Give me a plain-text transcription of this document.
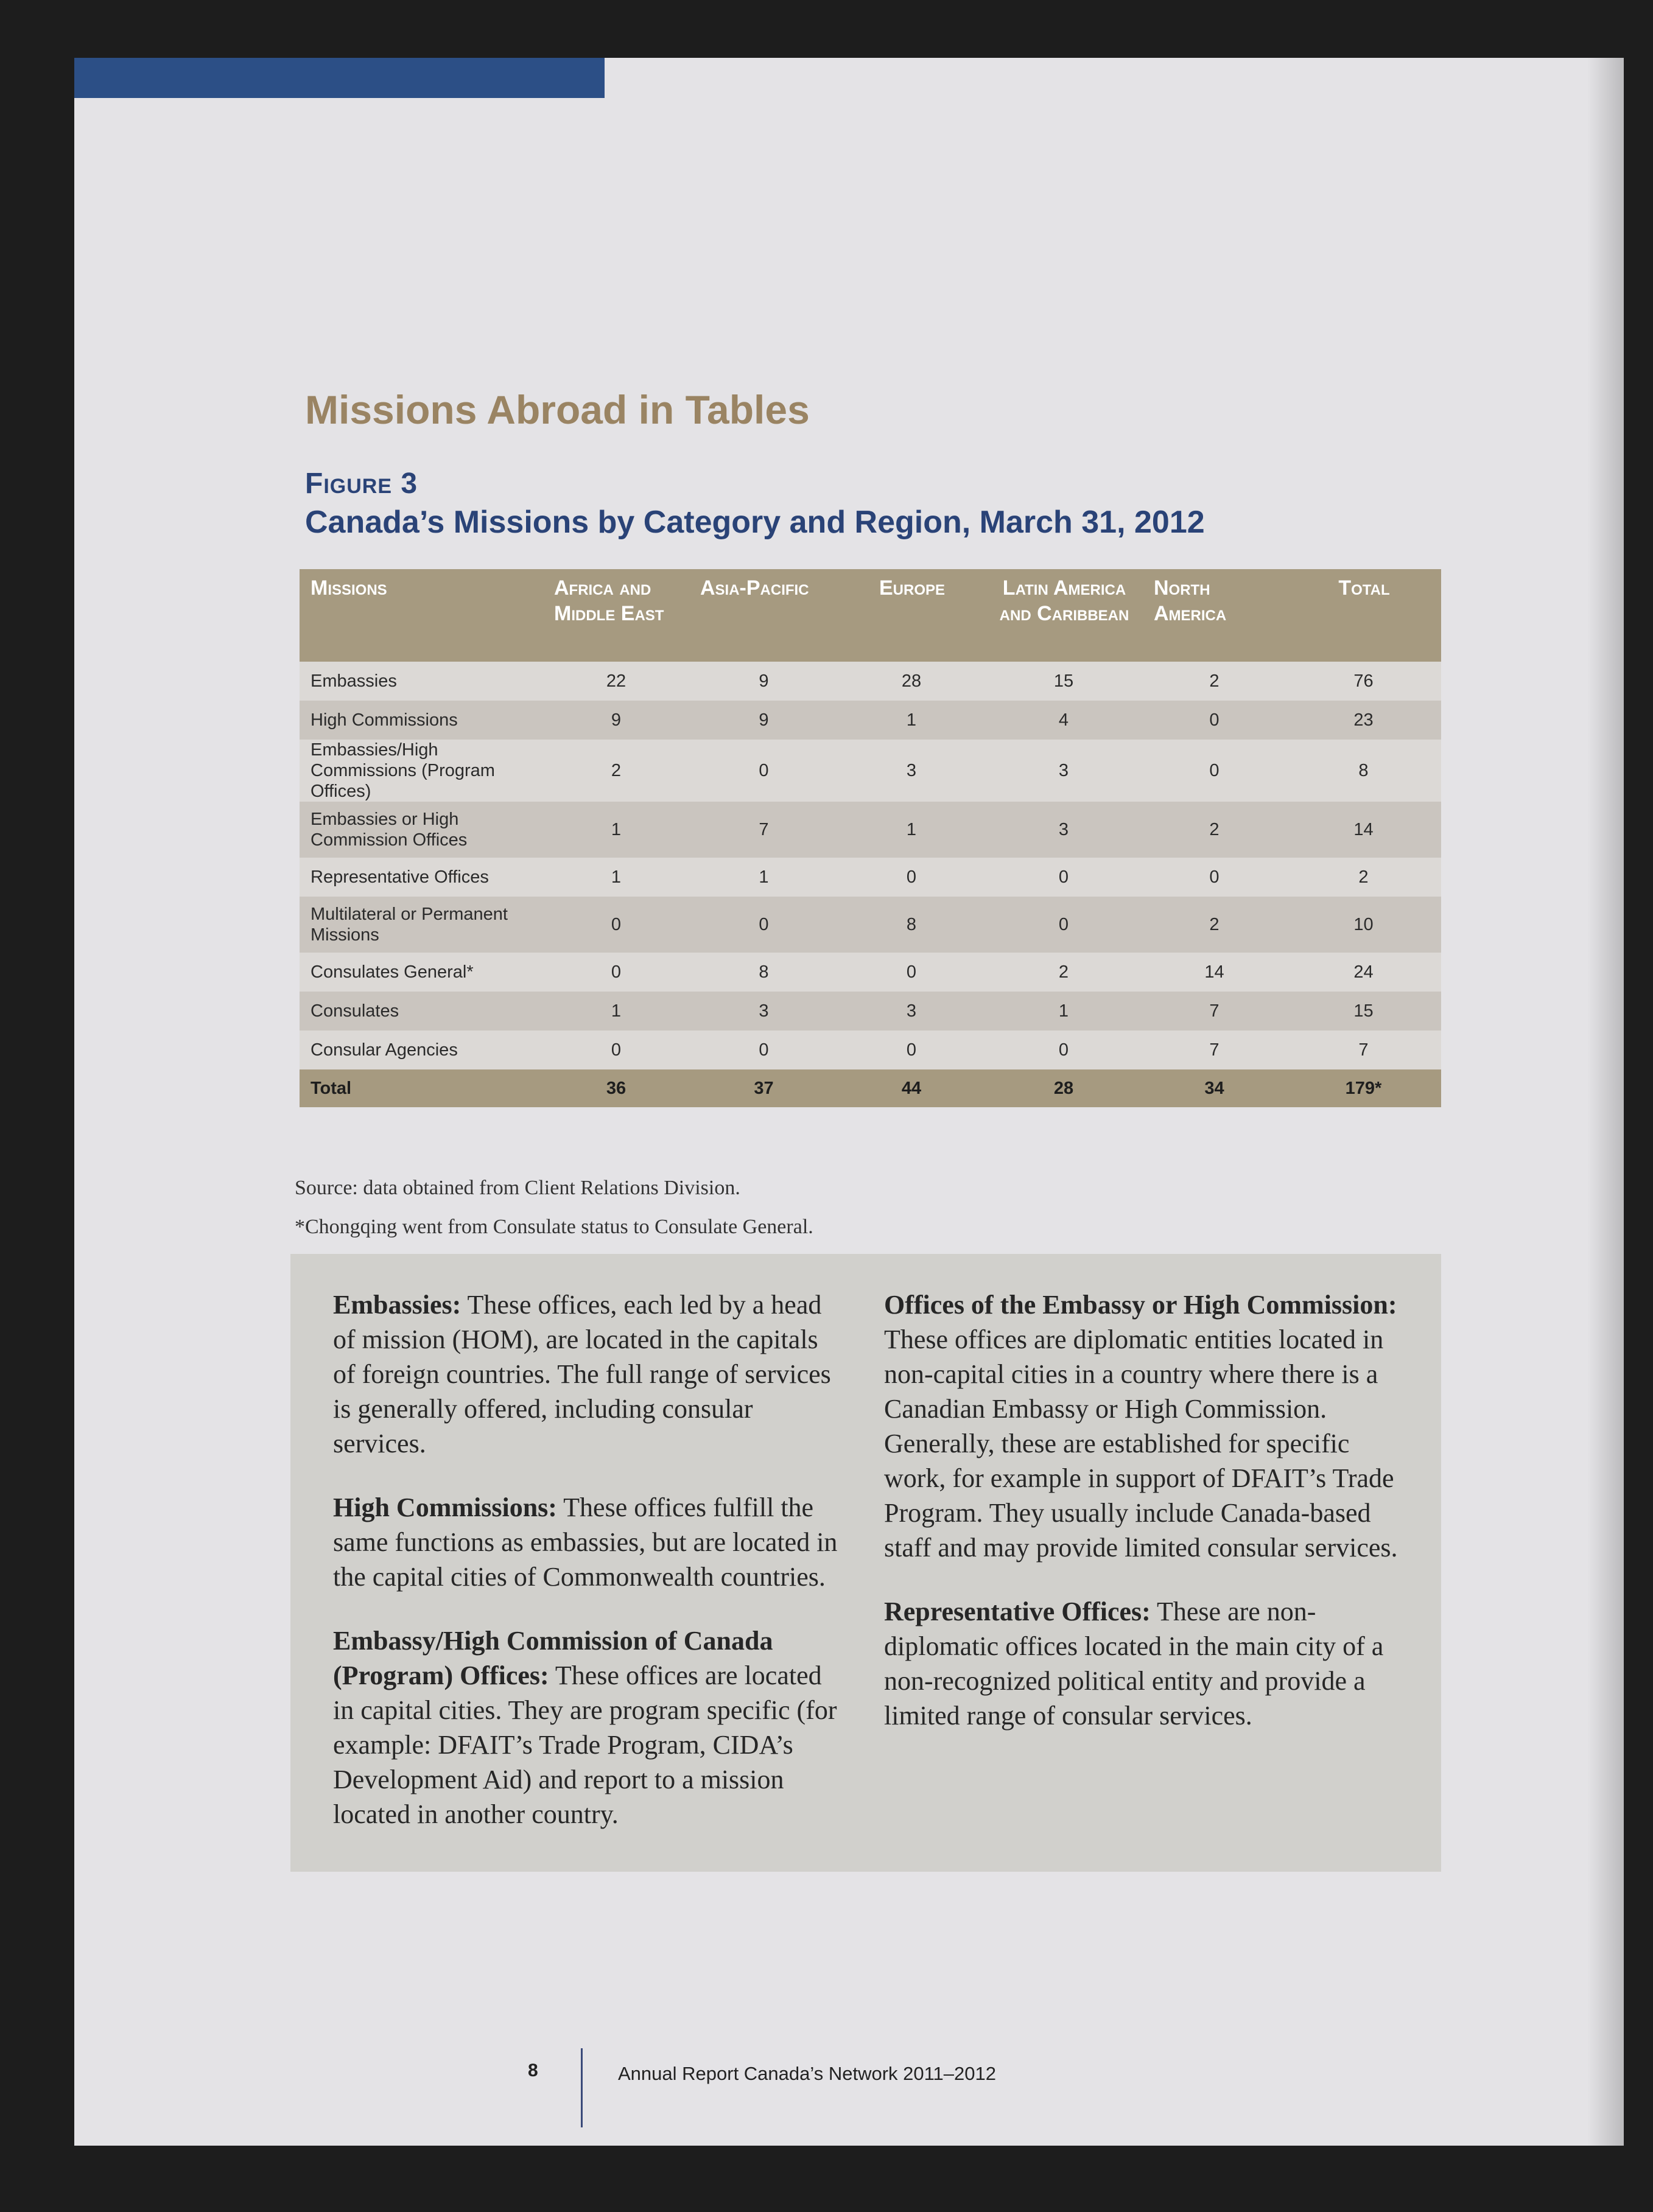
Missions Abroad in Tables
Figure 3
Canada’s Missions by Category and Region, March 31, 2012
Missions	Africa and Middle East	Asia-Pacific	Europe	Latin America and Caribbean	North America	Total
Embassies	22	9	28	15	2	76
High Commissions	9	9	1	4	0	23
Embassies/High Commissions (Program Offices)	2	0	3	3	0	8
Embassies or High Commission Offices	1	7	1	3	2	14
Representative Offices	1	1	0	0	0	2
Multilateral or Permanent Missions	0	0	8	0	2	10
Consulates General*	0	8	0	2	14	24
Consulates	1	3	3	1	7	15
Consular Agencies	0	0	0	0	7	7
Total	36	37	44	28	34	179*

Source: data obtained from Client Relations Division.

*Chongqing went from Consulate status to Consulate General.

Embassies: These offices, each led by a head of mission (HOM), are located in the capitals of foreign countries. The full range of services is generally offered, including consular services.

High Commissions: These offices fulfill the same functions as embassies, but are located in the capital cities of Commonwealth countries.

Embassy/High Commission of Canada (Program) Offices: These offices are located in capital cities. They are program specific (for example: DFAIT’s Trade Program, CIDA’s Development Aid) and report to a mission located in another country.

Offices of the Embassy or High Commission: These offices are diplomatic entities located in non-capital cities in a country where there is a Canadian Embassy or High Commission. Generally, these are established for specific work, for example in support of DFAIT’s Trade Program. They usually include Canada-based staff and may provide limited consular services.

Representative Offices: These are non-diplomatic offices located in the main city of a non-recognized political entity and provide a limited range of consular services.

8	Annual Report Canada’s Network 2011–2012
